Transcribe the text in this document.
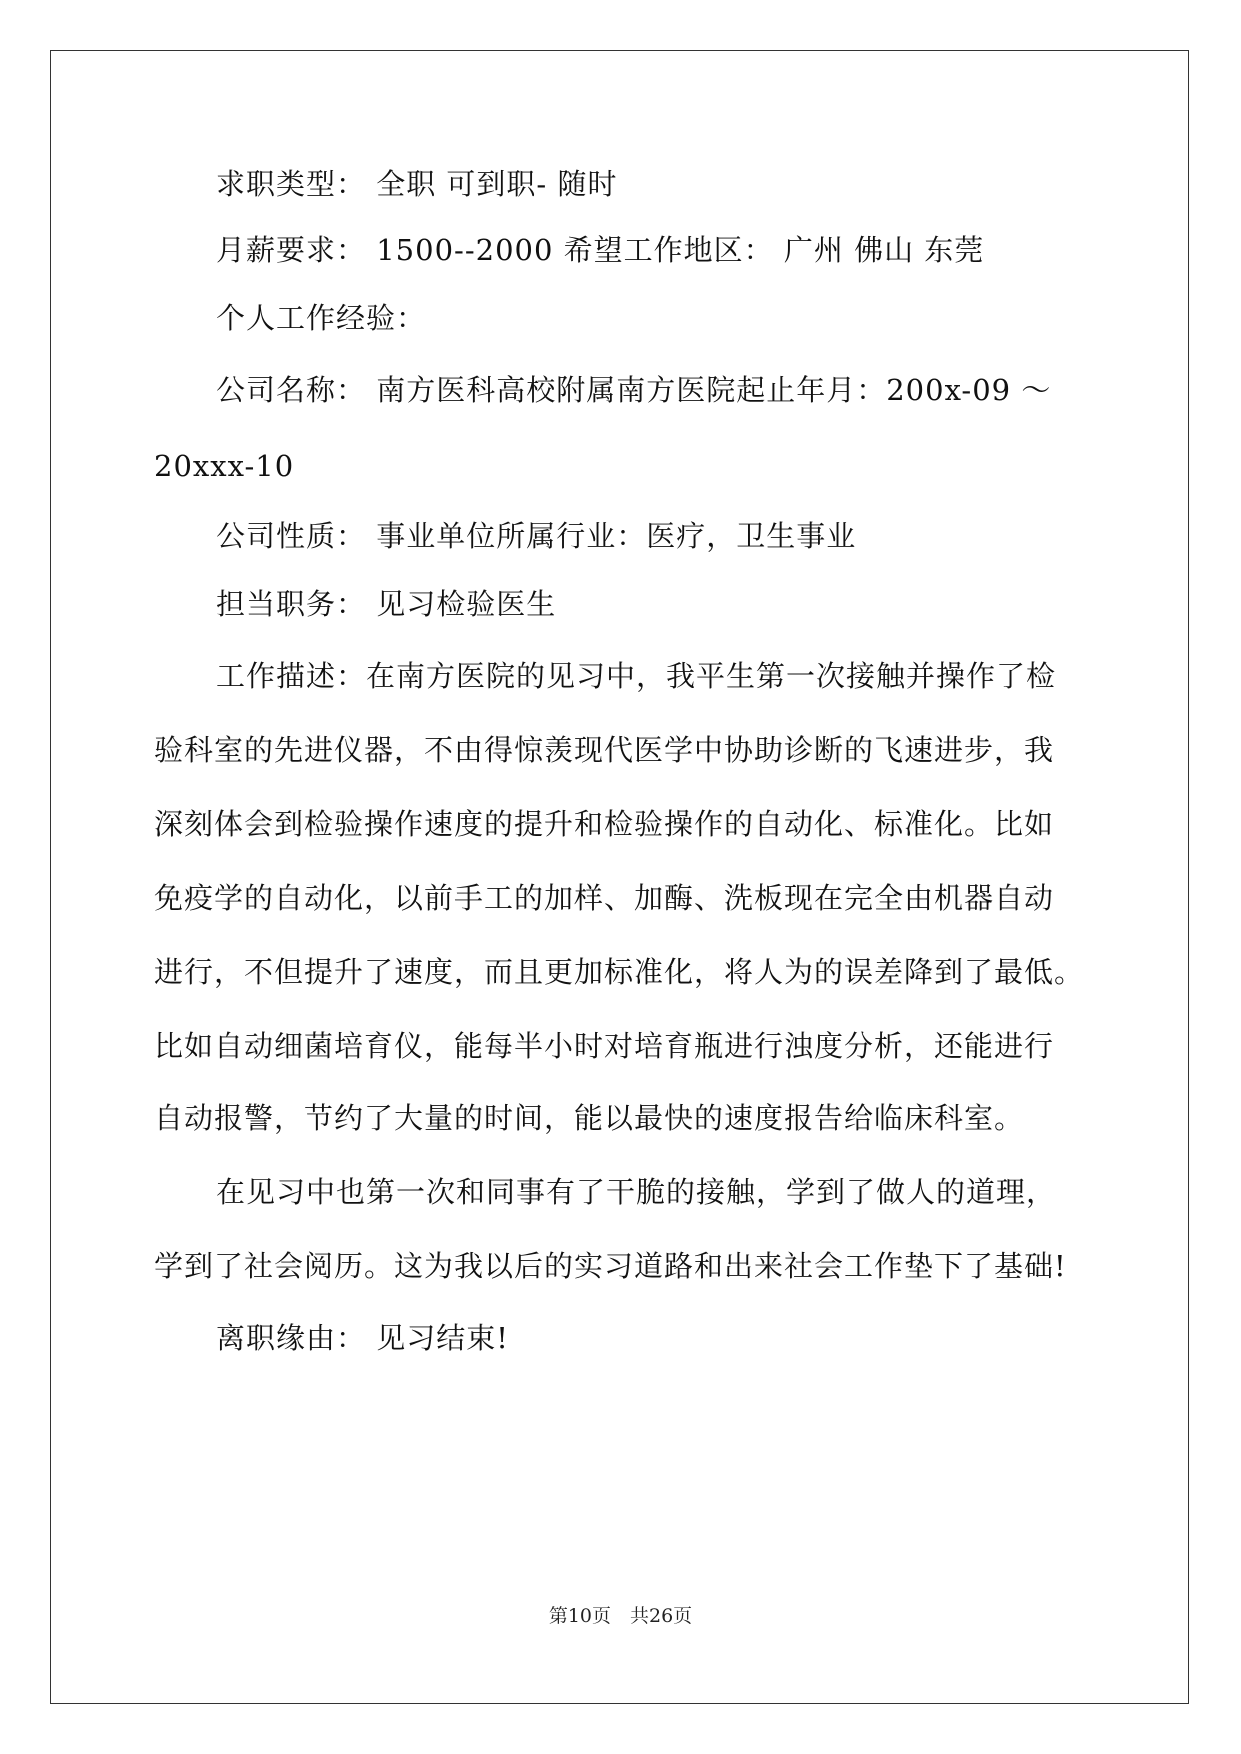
求职类型： 全职 可到职- 随时
月薪要求： 1500--2000 希望工作地区： 广州 佛山 东莞
个人工作经验：
公司名称： 南方医科高校附属南方医院起止年月：200x-09 ～
20xxx-10
公司性质： 事业单位所属行业：医疗，卫生事业
担当职务： 见习检验医生
工作描述：在南方医院的见习中，我平生第一次接触并操作了检
验科室的先进仪器，不由得惊羡现代医学中协助诊断的飞速进步，我
深刻体会到检验操作速度的提升和检验操作的自动化、标准化。比如
免疫学的自动化，以前手工的加样、加酶、洗板现在完全由机器自动
进行，不但提升了速度，而且更加标准化，将人为的误差降到了最低。
比如自动细菌培育仪，能每半小时对培育瓶进行浊度分析，还能进行
自动报警，节约了大量的时间，能以最快的速度报告给临床科室。
在见习中也第一次和同事有了干脆的接触，学到了做人的道理，
学到了社会阅历。这为我以后的实习道路和出来社会工作垫下了基础!
离职缘由： 见习结束!
第10页　共26页
